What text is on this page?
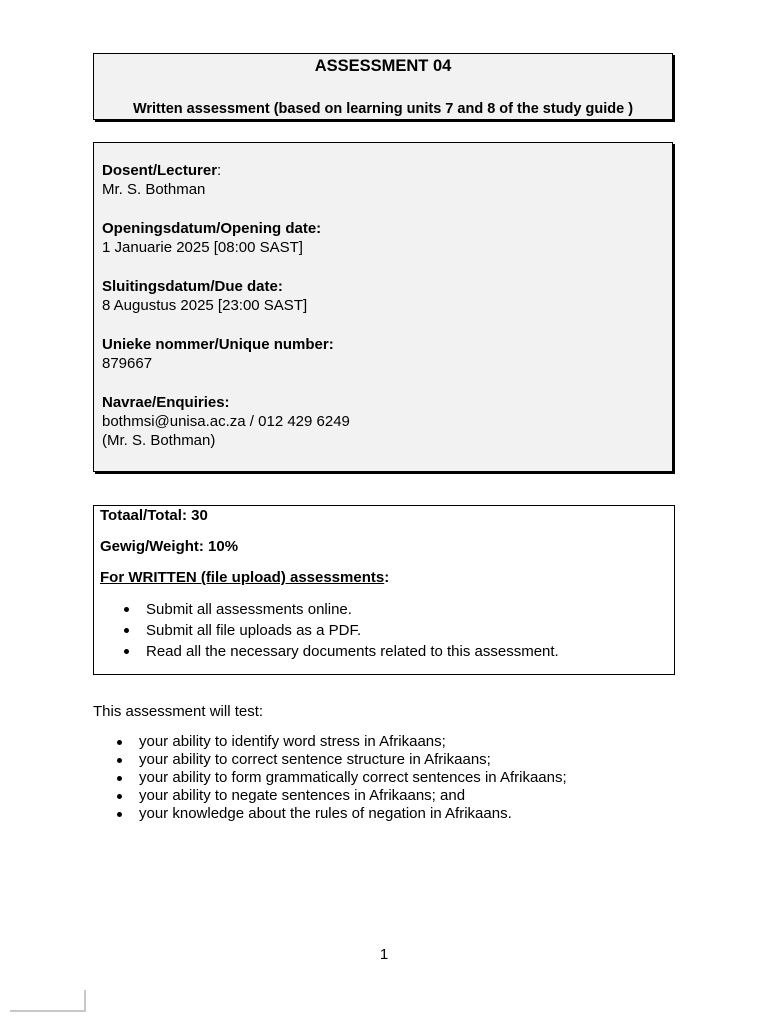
ASSESSMENT 04
Written assessment (based on learning units 7 and 8 of the study guide )
Dosent/Lecturer:
Mr. S. Bothman
Openingsdatum/Opening date:
1 Januarie 2025 [08:00 SAST]
Sluitingsdatum/Due date:
8 Augustus 2025 [23:00 SAST]
Unieke nommer/Unique number:
879667
Navrae/Enquiries:
bothmsi@unisa.ac.za / 012 429 6249
(Mr. S. Bothman)
Totaal/Total: 30
Gewig/Weight: 10%
For WRITTEN (file upload) assessments:
Submit all assessments online.
Submit all file uploads as a PDF.
Read all the necessary documents related to this assessment.
This assessment will test:
your ability to identify word stress in Afrikaans;
your ability to correct sentence structure in Afrikaans;
your ability to form grammatically correct sentences in Afrikaans;
your ability to negate sentences in Afrikaans; and
your knowledge about the rules of negation in Afrikaans.
1
